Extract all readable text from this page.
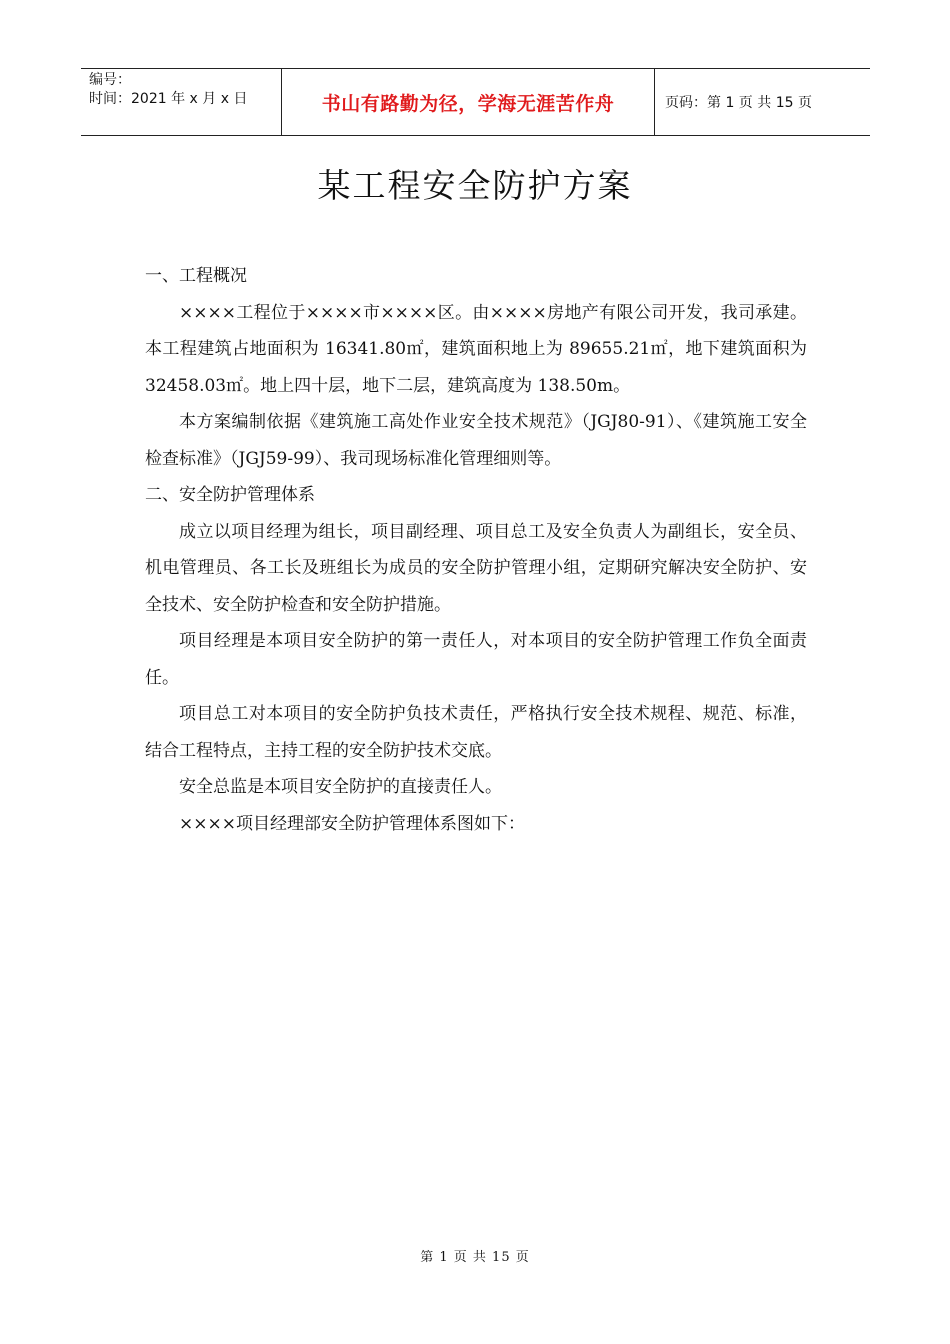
编号：
时间：2021 年 x 月 x 日	书山有路勤为径，学海无涯苦作舟	页码：第 1 页 共 15 页
某工程安全防护方案

一、工程概况

××××工程位于××××市××××区。由××××房地产有限公司开发，我司承建。本工程建筑占地面积为 16341.80㎡，建筑面积地上为 89655.21㎡，地下建筑面积为 32458.03㎡。地上四十层，地下二层，建筑高度为 138.50m。

本方案编制依据《建筑施工高处作业安全技术规范》（JGJ80-91）、《建筑施工安全检查标准》（JGJ59-99）、我司现场标准化管理细则等。

二、安全防护管理体系

成立以项目经理为组长，项目副经理、项目总工及安全负责人为副组长，安全员、机电管理员、各工长及班组长为成员的安全防护管理小组，定期研究解决安全防护、安全技术、安全防护检查和安全防护措施。

项目经理是本项目安全防护的第一责任人，对本项目的安全防护管理工作负全面责任。

项目总工对本项目的安全防护负技术责任，严格执行安全技术规程、规范、标准，结合工程特点，主持工程的安全防护技术交底。

安全总监是本项目安全防护的直接责任人。

××××项目经理部安全防护管理体系图如下：

第 1 页 共 15 页
